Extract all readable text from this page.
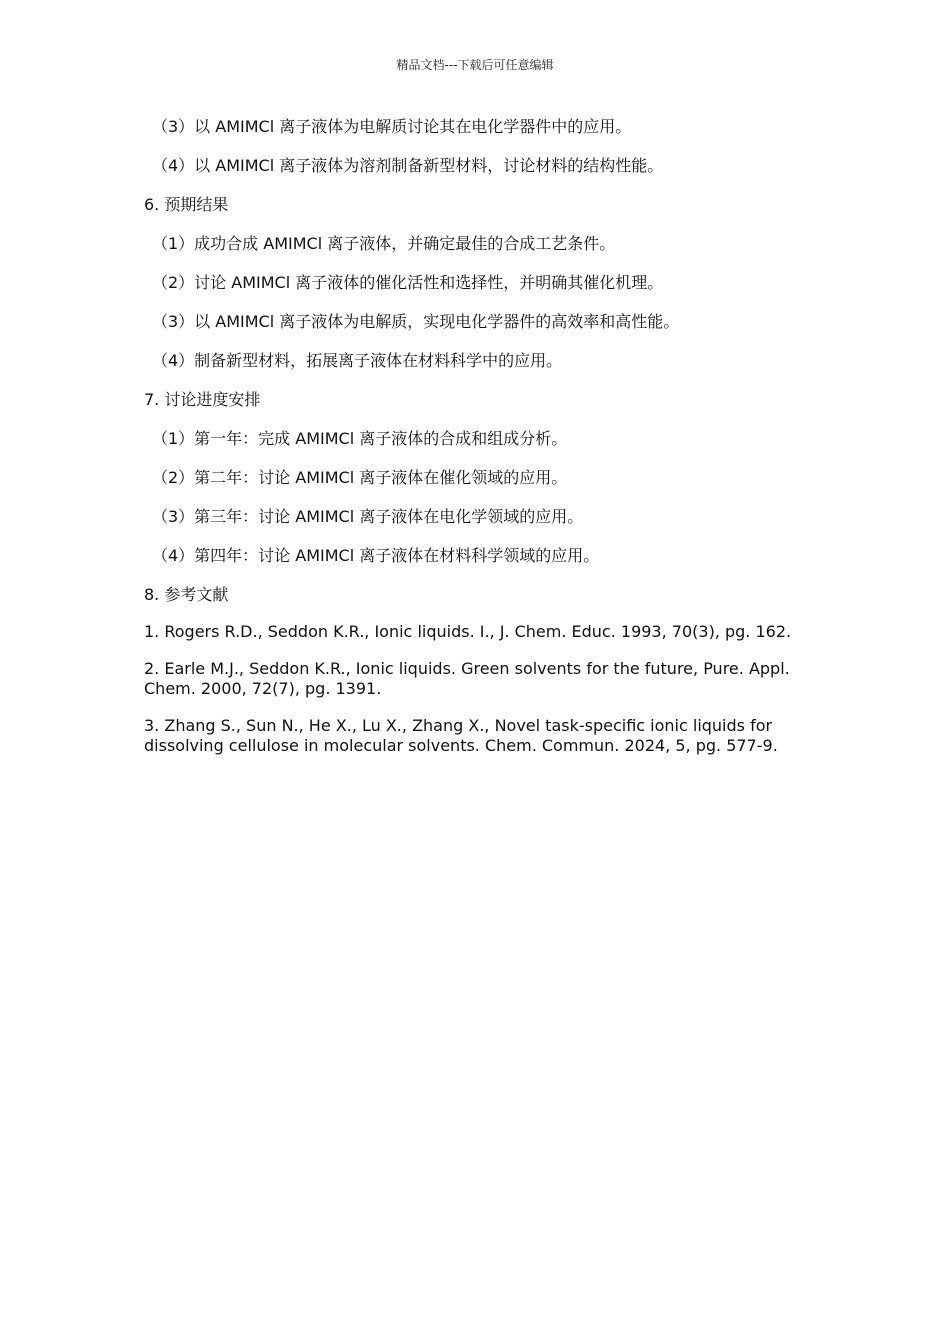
精品文档---下载后可任意编辑
（3）以 AMIMCl 离子液体为电解质讨论其在电化学器件中的应用。
（4）以 AMIMCl 离子液体为溶剂制备新型材料，讨论材料的结构性能。
6. 预期结果
（1）成功合成 AMIMCl 离子液体，并确定最佳的合成工艺条件。
（2）讨论 AMIMCl 离子液体的催化活性和选择性，并明确其催化机理。
（3）以 AMIMCl 离子液体为电解质，实现电化学器件的高效率和高性能。
（4）制备新型材料，拓展离子液体在材料科学中的应用。
7. 讨论进度安排
（1）第一年：完成 AMIMCl 离子液体的合成和组成分析。
（2）第二年：讨论 AMIMCl 离子液体在催化领域的应用。
（3）第三年：讨论 AMIMCl 离子液体在电化学领域的应用。
（4）第四年：讨论 AMIMCl 离子液体在材料科学领域的应用。
8. 参考文献
1. Rogers R.D., Seddon K.R., Ionic liquids. I., J. Chem. Educ. 1993, 70(3), pg. 162.
2. Earle M.J., Seddon K.R., Ionic liquids. Green solvents for the future, Pure. Appl. Chem. 2000, 72(7), pg. 1391.
3. Zhang S., Sun N., He X., Lu X., Zhang X., Novel task-specific ionic liquids for dissolving cellulose in molecular solvents. Chem. Commun. 2024, 5, pg. 577-9.
